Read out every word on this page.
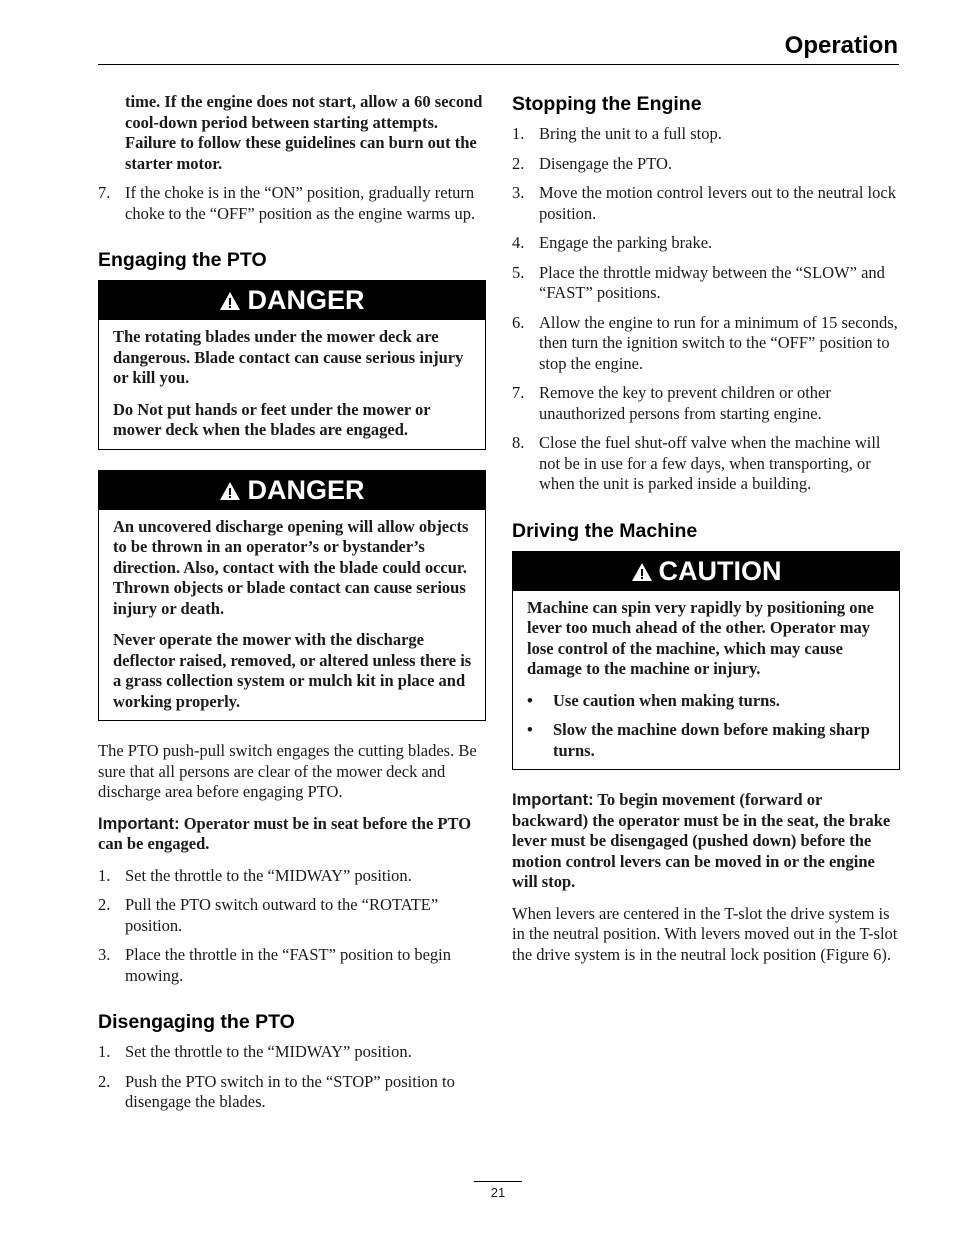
Operation

time. If the engine does not start, allow a 60 second cool-down period between starting attempts. Failure to follow these guidelines can burn out the starter motor.

7. If the choke is in the “ON” position, gradually return choke to the “OFF” position as the engine warms up.
Engaging the PTO
DANGER

The rotating blades under the mower deck are dangerous. Blade contact can cause serious injury or kill you.

Do Not put hands or feet under the mower or mower deck when the blades are engaged.

DANGER

An uncovered discharge opening will allow objects to be thrown in an operator’s or bystander’s direction. Also, contact with the blade could occur. Thrown objects or blade contact can cause serious injury or death.

Never operate the mower with the discharge deflector raised, removed, or altered unless there is a grass collection system or mulch kit in place and working properly.

The PTO push-pull switch engages the cutting blades. Be sure that all persons are clear of the mower deck and discharge area before engaging PTO.

Important: Operator must be in seat before the PTO can be engaged.

1. Set the throttle to the “MIDWAY” position.
2. Pull the PTO switch outward to the “ROTATE” position.
3. Place the throttle in the “FAST” position to begin mowing.
Disengaging the PTO
1. Set the throttle to the “MIDWAY” position.
2. Push the PTO switch in to the “STOP” position to disengage the blades.
Stopping the Engine
1. Bring the unit to a full stop.
2. Disengage the PTO.
3. Move the motion control levers out to the neutral lock position.
4. Engage the parking brake.
5. Place the throttle midway between the “SLOW” and “FAST” positions.
6. Allow the engine to run for a minimum of 15 seconds, then turn the ignition switch to the “OFF” position to stop the engine.
7. Remove the key to prevent children or other unauthorized persons from starting engine.
8. Close the fuel shut-off valve when the machine will not be in use for a few days, when transporting, or when the unit is parked inside a building.
Driving the Machine
CAUTION

Machine can spin very rapidly by positioning one lever too much ahead of the other. Operator may lose control of the machine, which may cause damage to the machine or injury.

• Use caution when making turns.
• Slow the machine down before making sharp turns.

Important: To begin movement (forward or backward) the operator must be in the seat, the brake lever must be disengaged (pushed down) before the motion control levers can be moved in or the engine will stop.

When levers are centered in the T-slot the drive system is in the neutral position. With levers moved out in the T-slot the drive system is in the neutral lock position (Figure 6).

21
